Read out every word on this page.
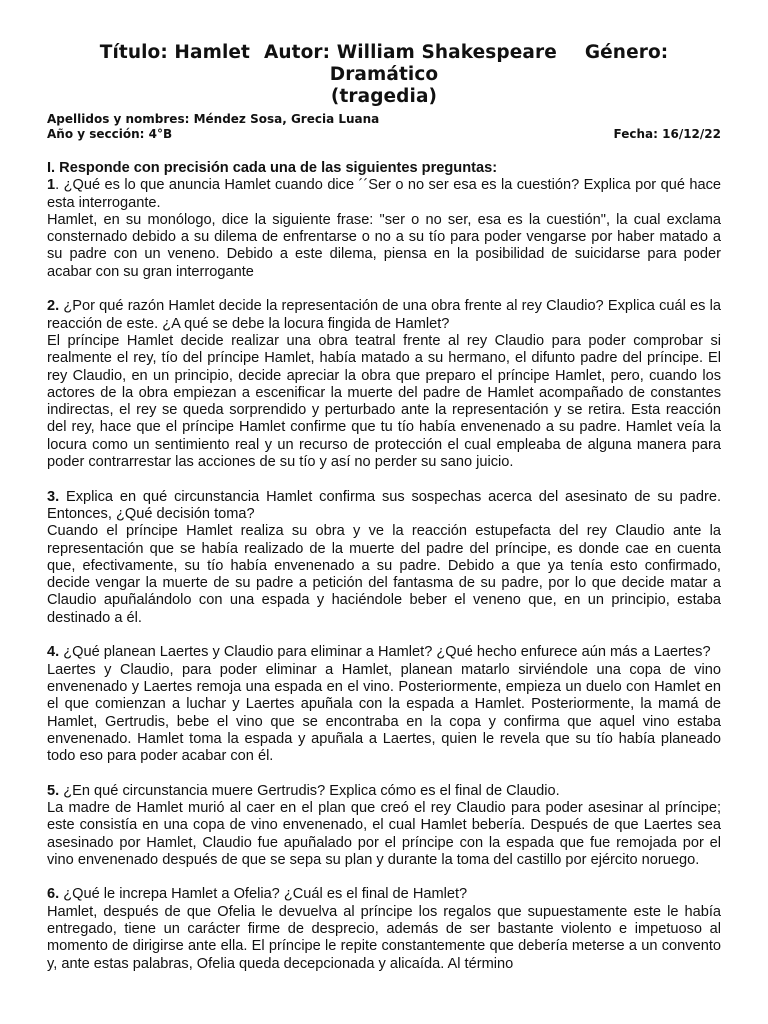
Título: Hamlet Autor: William Shakespeare Género: Dramático

(tragedia)

Apellidos y nombres: Méndez Sosa, Grecia Luana

Año y sección: 4°B	Fecha: 16/12/22

I. Responde con precisión cada una de las siguientes preguntas:

1. ¿Qué es lo que anuncia Hamlet cuando dice ´´Ser o no ser esa es la cuestión? Explica por qué hace esta interrogante.

Hamlet, en su monólogo, dice la siguiente frase: "ser o no ser, esa es la cuestión", la cual exclama consternado debido a su dilema de enfrentarse o no a su tío para poder vengarse por haber matado a su padre con un veneno. Debido a este dilema, piensa en la posibilidad de suicidarse para poder acabar con su gran interrogante

2. ¿Por qué razón Hamlet decide la representación de una obra frente al rey Claudio? Explica cuál es la reacción de este. ¿A qué se debe la locura fingida de Hamlet?

El príncipe Hamlet decide realizar una obra teatral frente al rey Claudio para poder comprobar si realmente el rey, tío del príncipe Hamlet, había matado a su hermano, el difunto padre del príncipe. El rey Claudio, en un principio, decide apreciar la obra que preparo el príncipe Hamlet, pero, cuando los actores de la obra empiezan a escenificar la muerte del padre de Hamlet acompañado de constantes indirectas, el rey se queda sorprendido y perturbado ante la representación y se retira. Esta reacción del rey, hace que el príncipe Hamlet confirme que tu tío había envenenado a su padre. Hamlet veía la locura como un sentimiento real y un recurso de protección el cual empleaba de alguna manera para poder contrarrestar las acciones de su tío y así no perder su sano juicio.

3. Explica en qué circunstancia Hamlet confirma sus sospechas acerca del asesinato de su padre. Entonces, ¿Qué decisión toma?

Cuando el príncipe Hamlet realiza su obra y ve la reacción estupefacta del rey Claudio ante la representación que se había realizado de la muerte del padre del príncipe, es donde cae en cuenta que, efectivamente, su tío había envenenado a su padre. Debido a que ya tenía esto confirmado, decide vengar la muerte de su padre a petición del fantasma de su padre, por lo que decide matar a Claudio apuñalándolo con una espada y haciéndole beber el veneno que, en un principio, estaba destinado a él.

4. ¿Qué planean Laertes y Claudio para eliminar a Hamlet? ¿Qué hecho enfurece aún más a Laertes?

Laertes y Claudio, para poder eliminar a Hamlet, planean matarlo sirviéndole una copa de vino envenenado y Laertes remoja una espada en el vino. Posteriormente, empieza un duelo con Hamlet en el que comienzan a luchar y Laertes apuñala con la espada a Hamlet. Posteriormente, la mamá de Hamlet, Gertrudis, bebe el vino que se encontraba en la copa y confirma que aquel vino estaba envenenado. Hamlet toma la espada y apuñala a Laertes, quien le revela que su tío había planeado todo eso para poder acabar con él.

5. ¿En qué circunstancia muere Gertrudis? Explica cómo es el final de Claudio.

La madre de Hamlet murió al caer en el plan que creó el rey Claudio para poder asesinar al príncipe; este consistía en una copa de vino envenenado, el cual Hamlet bebería. Después de que Laertes sea asesinado por Hamlet, Claudio fue apuñalado por el príncipe con la espada que fue remojada por el vino envenenado después de que se sepa su plan y durante la toma del castillo por ejército noruego.

6. ¿Qué le increpa Hamlet a Ofelia? ¿Cuál es el final de Hamlet?

Hamlet, después de que Ofelia le devuelva al príncipe los regalos que supuestamente este le había entregado, tiene un carácter firme de desprecio, además de ser bastante violento e impetuoso al momento de dirigirse ante ella. El príncipe le repite constantemente que debería meterse a un convento y, ante estas palabras, Ofelia queda decepcionada y alicaída. Al término
